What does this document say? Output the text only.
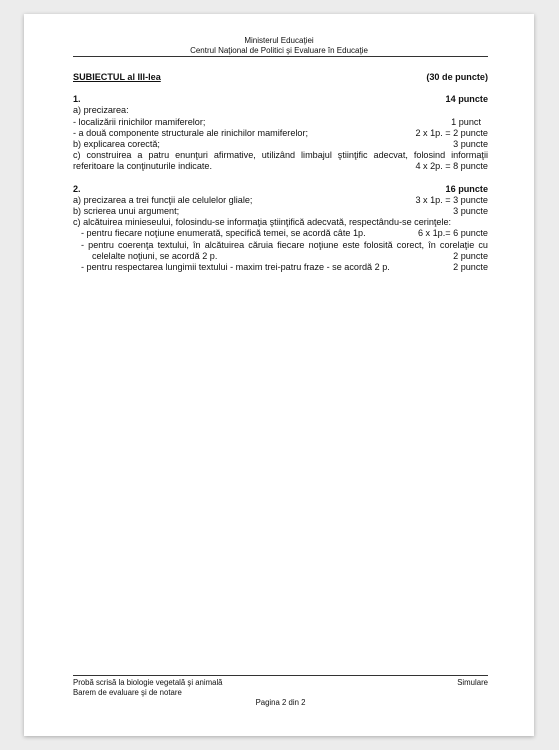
Ministerul Educaţiei
Centrul Naţional de Politici şi Evaluare în Educaţie
SUBIECTUL al III-lea	(30 de puncte)
1.	14 puncte
a) precizarea:
- localizării rinichilor mamiferelor;	1 punct
- a două componente structurale ale rinichilor mamiferelor;	2 x 1p. = 2 puncte
b) explicarea corectă;	3 puncte
c) construirea a patru enunţuri afirmative, utilizând limbajul ştiinţific adecvat, folosind informaţii
referitoare la conţinuturile indicate.	4 x 2p. = 8 puncte
2.	16 puncte
a) precizarea a trei funcţii ale celulelor gliale;	3 x 1p. = 3 puncte
b) scrierea unui argument;	3 puncte
c) alcătuirea minieseului, folosindu-se informaţia ştiinţifică adecvată, respectându-se cerinţele:
- pentru fiecare noţiune enumerată, specifică temei, se acordă câte 1p.	6 x 1p.= 6 puncte
- pentru coerenţa textului, în alcătuirea căruia fiecare noţiune este folosită corect, în corelaţie cu
celelalte noţiuni, se acordă 2 p.	2 puncte
- pentru respectarea lungimii textului - maxim trei-patru fraze - se acordă 2 p.	2 puncte
Probă scrisă la biologie vegetală şi animală	Simulare
Barem de evaluare şi de notare
Pagina 2 din 2
